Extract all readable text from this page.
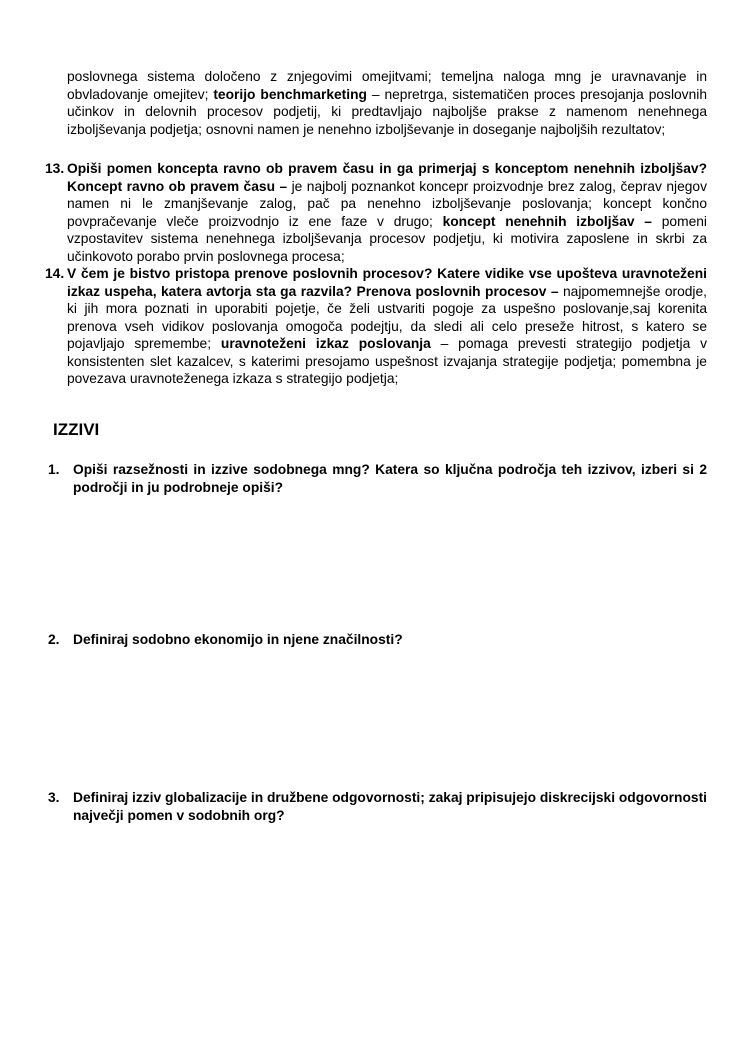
poslovnega sistema določeno z znjegovimi omejitvami; temeljna naloga mng je uravnavanje in obvladovanje omejitev; teorijo benchmarketing – nepretrga, sistematičen proces presojanja poslovnih učinkov in delovnih procesov podjetij, ki predtavljajo najboljše prakse z namenom nenehnega izboljševanja podjetja; osnovni namen je nenehno izboljševanje in doseganje najboljših rezultatov;

13. Opiši pomen koncepta ravno ob pravem času in ga primerjaj s konceptom nenehnih izboljšav? Koncept ravno ob pravem času – je najbolj poznankot koncepr proizvodnje brez zalog, čeprav njegov namen ni le zmanjševanje zalog, pač pa nenehno izboljševanje poslovanja; koncept končno povpračevanje vleče proizvodnjo iz ene faze v drugo; koncept nenehnih izboljšav – pomeni vzpostavitev sistema nenehnega izboljševanja procesov podjetju, ki motivira zaposlene in skrbi za učinkovoto porabo prvin poslovnega procesa;
14. V čem je bistvo pristopa prenove poslovnih procesov? Katere vidike vse upošteva uravnoteženi izkaz uspeha, katera avtorja sta ga razvila? Prenova poslovnih procesov – najpomemnejše orodje, ki jih mora poznati in uporabiti pojetje, če želi ustvariti pogoje za uspešno poslovanje,saj korenita prenova vseh vidikov poslovanja omogoča podejtju, da sledi ali celo preseže hitrost, s katero se pojavljajo spremembe; uravnoteženi izkaz poslovanja – pomaga prevesti strategijo podjetja v konsistenten slet kazalcev, s katerimi presojamo uspešnost izvajanja strategije podjetja; pomembna je povezava uravnoteženega izkaza s strategijo podjetja;
IZZIVI
1. Opiši razsežnosti in izzive sodobnega mng? Katera so ključna področja teh izzivov, izberi si 2 področji in ju podrobneje opiši?
2. Definiraj sodobno ekonomijo in njene značilnosti?
3. Definiraj izziv globalizacije in družbene odgovornosti; zakaj pripisujejo diskrecijski odgovornosti največji pomen v sodobnih org?
